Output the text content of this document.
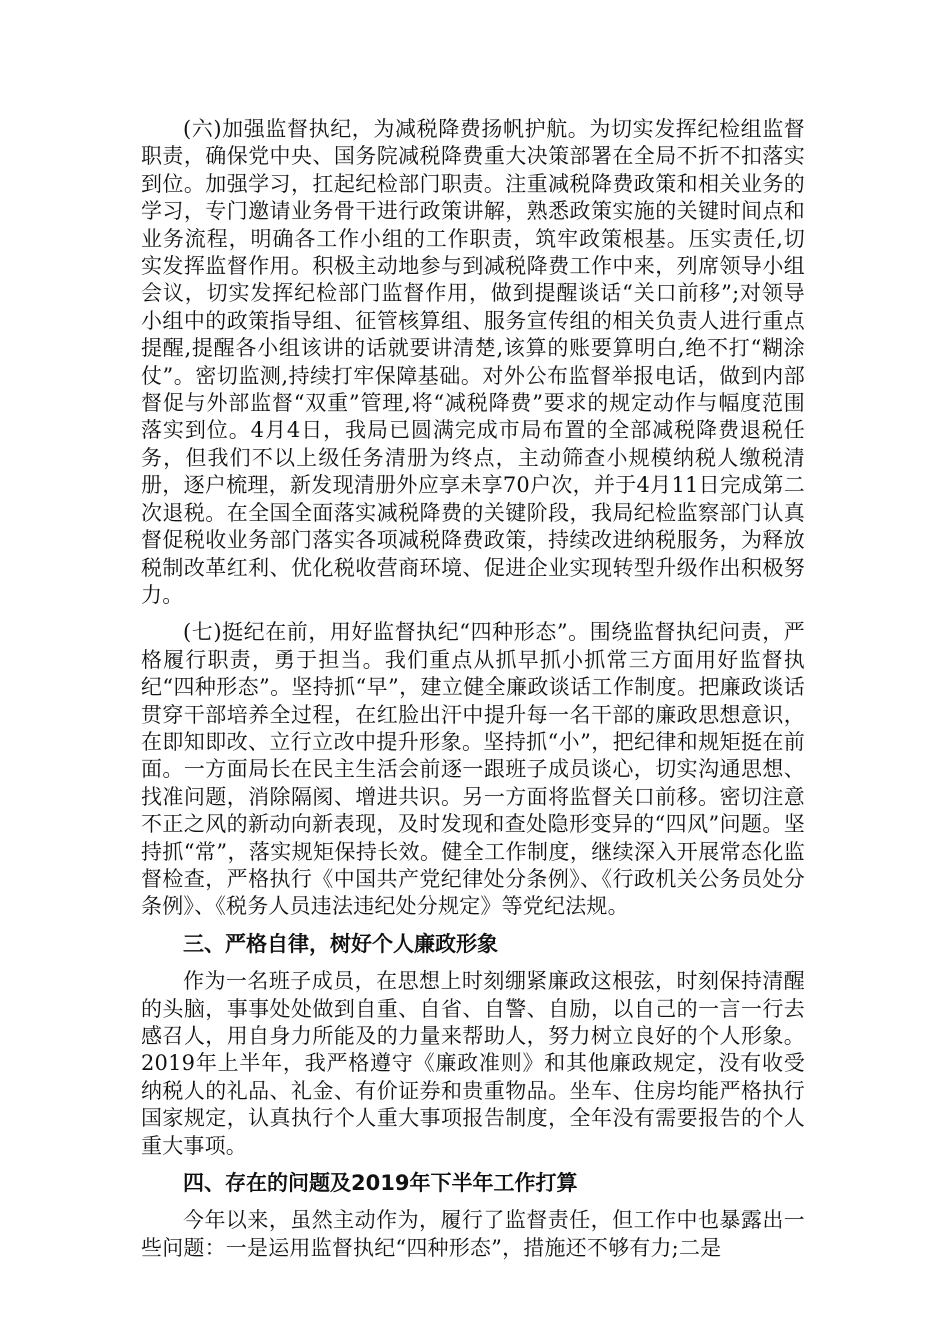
(六)加强监督执纪，为减税降费扬帆护航。为切实发挥纪检组监督职责，确保党中央、国务院减税降费重大决策部署在全局不折不扣落实到位。加强学习，扛起纪检部门职责。注重减税降费政策和相关业务的学习，专门邀请业务骨干进行政策讲解，熟悉政策实施的关键时间点和业务流程，明确各工作小组的工作职责，筑牢政策根基。压实责任,切实发挥监督作用。积极主动地参与到减税降费工作中来，列席领导小组会议，切实发挥纪检部门监督作用，做到提醒谈话“关口前移”;对领导小组中的政策指导组、征管核算组、服务宣传组的相关负责人进行重点提醒,提醒各小组该讲的话就要讲清楚,该算的账要算明白,绝不打“糊涂仗”。密切监测,持续打牢保障基础。对外公布监督举报电话，做到内部督促与外部监督“双重”管理,将“减税降费”要求的规定动作与幅度范围落实到位。4月4日，我局已圆满完成市局布置的全部减税降费退税任务，但我们不以上级任务清册为终点，主动筛查小规模纳税人缴税清册，逐户梳理，新发现清册外应享未享70户次，并于4月11日完成第二次退税。在全国全面落实减税降费的关键阶段，我局纪检监察部门认真督促税收业务部门落实各项减税降费政策，持续改进纳税服务，为释放税制改革红利、优化税收营商环境、促进企业实现转型升级作出积极努力。

(七)挺纪在前，用好监督执纪“四种形态”。围绕监督执纪问责，严格履行职责，勇于担当。我们重点从抓早抓小抓常三方面用好监督执纪“四种形态”。坚持抓“早”，建立健全廉政谈话工作制度。把廉政谈话贯穿干部培养全过程，在红脸出汗中提升每一名干部的廉政思想意识，在即知即改、立行立改中提升形象。坚持抓“小”，把纪律和规矩挺在前面。一方面局长在民主生活会前逐一跟班子成员谈心，切实沟通思想、找准问题，消除隔阂、增进共识。另一方面将监督关口前移。密切注意不正之风的新动向新表现，及时发现和查处隐形变异的“四风”问题。坚持抓“常”，落实规矩保持长效。健全工作制度，继续深入开展常态化监督检查，严格执行《中国共产党纪律处分条例》、《行政机关公务员处分条例》、《税务人员违法违纪处分规定》等党纪法规。

三、严格自律，树好个人廉政形象

作为一名班子成员，在思想上时刻绷紧廉政这根弦，时刻保持清醒的头脑，事事处处做到自重、自省、自警、自励，以自己的一言一行去感召人，用自身力所能及的力量来帮助人，努力树立良好的个人形象。2019年上半年，我严格遵守《廉政准则》和其他廉政规定，没有收受纳税人的礼品、礼金、有价证券和贵重物品。坐车、住房均能严格执行国家规定，认真执行个人重大事项报告制度，全年没有需要报告的个人重大事项。

四、存在的问题及2019年下半年工作打算

今年以来，虽然主动作为，履行了监督责任，但工作中也暴露出一些问题：一是运用监督执纪“四种形态”，措施还不够有力;二是
